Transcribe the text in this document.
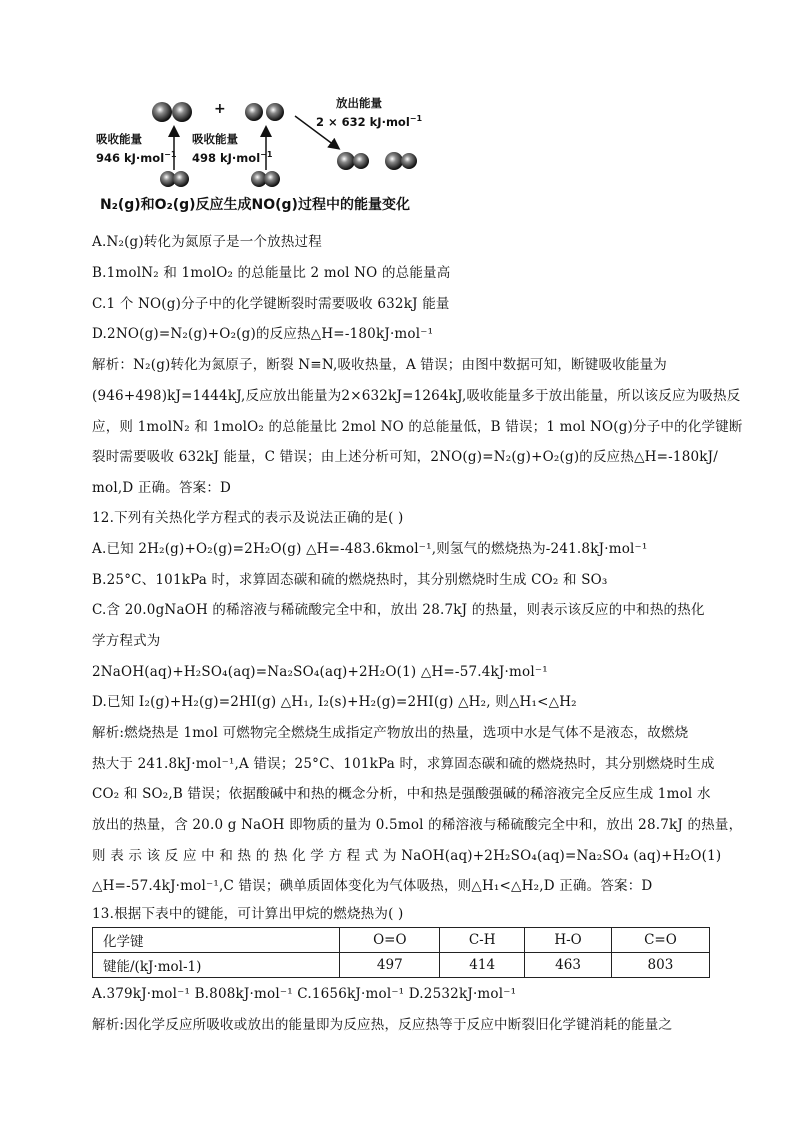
+
吸收能量
946 kJ·mol$^{-1}$
吸收能量
498 kJ·mol$^{-1}$
放出能量
2 × 632 kJ·mol$^{-1}$
N₂(g)和O₂(g)反应生成NO(g)过程中的能量变化
A.N₂(g)转化为氮原子是一个放热过程
B.1molN₂ 和 1molO₂ 的总能量比 2 mol NO 的总能量高
C.1 个 NO(g)分子中的化学键断裂时需要吸收 632kJ 能量
D.2NO(g)=N₂(g)+O₂(g)的反应热△H=-180kJ·mol⁻¹
解析：N₂(g)转化为氮原子，断裂 N≡N,吸收热量，A 错误；由图中数据可知，断键吸收能量为
(946+498)kJ=1444kJ,反应放出能量为2×632kJ=1264kJ,吸收能量多于放出能量，所以该反应为吸热反
应，则 1molN₂ 和 1molO₂ 的总能量比 2mol NO 的总能量低，B 错误；1 mol NO(g)分子中的化学键断
裂时需要吸收 632kJ 能量，C 错误；由上述分析可知，2NO(g)=N₂(g)+O₂(g)的反应热△H=-180kJ/
mol,D 正确。答案：D
12.下列有关热化学方程式的表示及说法正确的是( )
A.已知 2H₂(g)+O₂(g)=2H₂O(g) △H=-483.6kmol⁻¹,则氢气的燃烧热为-241.8kJ·mol⁻¹
B.25°C、101kPa 时，求算固态碳和硫的燃烧热时，其分别燃烧时生成 CO₂ 和 SO₃
C.含 20.0gNaOH 的稀溶液与稀硫酸完全中和，放出 28.7kJ 的热量，则表示该反应的中和热的热化
学方程式为
2NaOH(aq)+H₂SO₄(aq)=Na₂SO₄(aq)+2H₂O(1) △H=-57.4kJ·mol⁻¹
D.已知 I₂(g)+H₂(g)=2HI(g) △H₁, I₂(s)+H₂(g)=2HI(g) △H₂, 则△H₁<△H₂
解析:燃烧热是 1mol 可燃物完全燃烧生成指定产物放出的热量，选项中水是气体不是液态，故燃烧
热大于 241.8kJ·mol⁻¹,A 错误；25°C、101kPa 时，求算固态碳和硫的燃烧热时，其分别燃烧时生成
CO₂ 和 SO₂,B 错误；依据酸碱中和热的概念分析，中和热是强酸强碱的稀溶液完全反应生成 1mol 水
放出的热量，含 20.0 g NaOH 即物质的量为 0.5mol 的稀溶液与稀硫酸完全中和，放出 28.7kJ 的热量，
则 表 示 该 反 应 中 和 热 的 热 化 学 方 程 式 为 NaOH(aq)+2H₂SO₄(aq)=Na₂SO₄ (aq)+H₂O(1)
△H=-57.4kJ·mol⁻¹,C 错误；碘单质固体变化为气体吸热，则△H₁<△H₂,D 正确。答案：D
13.根据下表中的键能，可计算出甲烷的燃烧热为( )
化学键	O=O	C-H	H-O	C=O
键能/(kJ·mol-1)	497	414	463	803
A.379kJ·mol⁻¹ B.808kJ·mol⁻¹ C.1656kJ·mol⁻¹ D.2532kJ·mol⁻¹
解析:因化学反应所吸收或放出的能量即为反应热，反应热等于反应中断裂旧化学键消耗的能量之
